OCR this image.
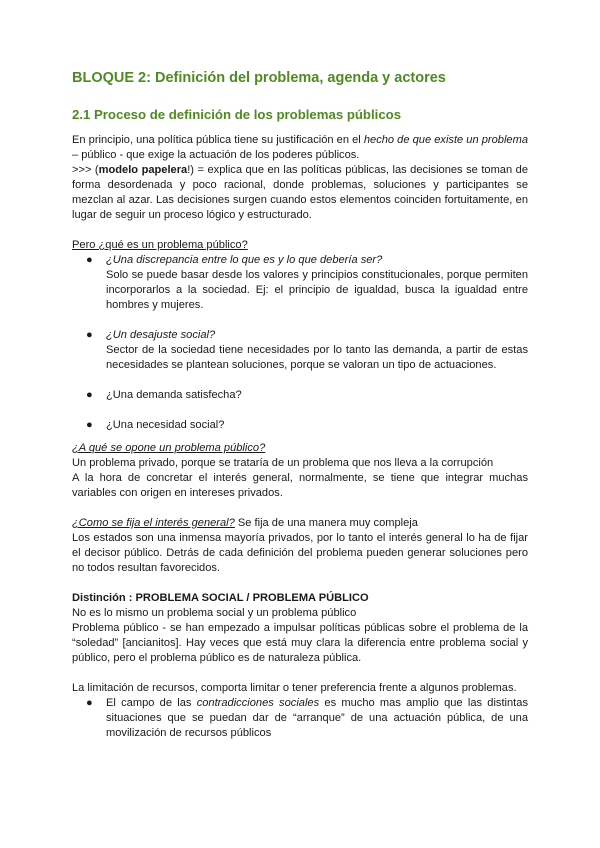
BLOQUE 2: Definición del problema, agenda y actores
2.1 Proceso de definición de los problemas públicos

En principio, una política pública tiene su justificación en el hecho de que existe un problema – público - que exige la actuación de los poderes públicos.

>>> (modelo papelera!) = explica que en las políticas públicas, las decisiones se toman de forma desordenada y poco racional, donde problemas, soluciones y participantes se mezclan al azar. Las decisiones surgen cuando estos elementos coinciden fortuitamente, en lugar de seguir un proceso lógico y estructurado.

Pero ¿qué es un problema público?

● ¿Una discrepancia entre lo que es y lo que debería ser?
Solo se puede basar desde los valores y principios constitucionales, porque permiten incorporarlos a la sociedad. Ej: el principio de igualdad, busca la igualdad entre hombres y mujeres.
● ¿Un desajuste social?
Sector de la sociedad tiene necesidades por lo tanto las demanda, a partir de estas necesidades se plantean soluciones, porque se valoran un tipo de actuaciones.
● ¿Una demanda satisfecha?
● ¿Una necesidad social?

¿A qué se opone un problema público?

Un problema privado, porque se trataría de un problema que nos lleva a la corrupción

A la hora de concretar el interés general, normalmente, se tiene que integrar muchas variables con origen en intereses privados.

¿Como se fija el interés general? Se fija de una manera muy compleja

Los estados son una inmensa mayoría privados, por lo tanto el interés general lo ha de fijar el decisor público. Detrás de cada definición del problema pueden generar soluciones pero no todos resultan favorecidos.

Distinción : PROBLEMA SOCIAL / PROBLEMA PÚBLICO

No es lo mismo un problema social y un problema público

Problema público - se han empezado a impulsar políticas públicas sobre el problema de la “soledad” [ancianitos]. Hay veces que está muy clara la diferencia entre problema social y público, pero el problema público es de naturaleza pública.

La limitación de recursos, comporta limitar o tener preferencia frente a algunos problemas.

● El campo de las contradicciones sociales es mucho mas amplio que las distintas situaciones que se puedan dar de “arranque” de una actuación pública, de una movilización de recursos públicos
